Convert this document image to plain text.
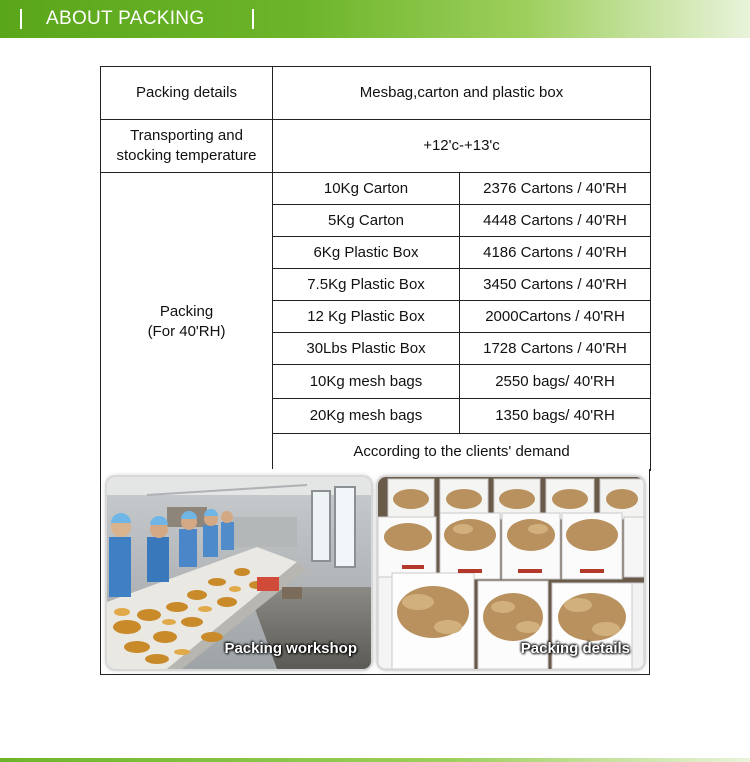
ABOUT PACKING
Packing details	Mesbag,carton and plastic box	
Transporting and
stocking temperature	+12'c-+13'c	
Packing
(For 40'RH)	10Kg Carton	2376 Cartons / 40'RH
	5Kg Carton	4448 Cartons / 40'RH
	6Kg Plastic Box	4186 Cartons / 40'RH
	7.5Kg Plastic Box	3450 Cartons / 40'RH
	12 Kg Plastic Box	2000Cartons / 40'RH
	30Lbs Plastic Box	1728 Cartons / 40'RH
	10Kg mesh bags	2550 bags/ 40'RH
	20Kg mesh bags	1350 bags/ 40'RH
	According to the clients' demand	
Packing workshop	Packing details
